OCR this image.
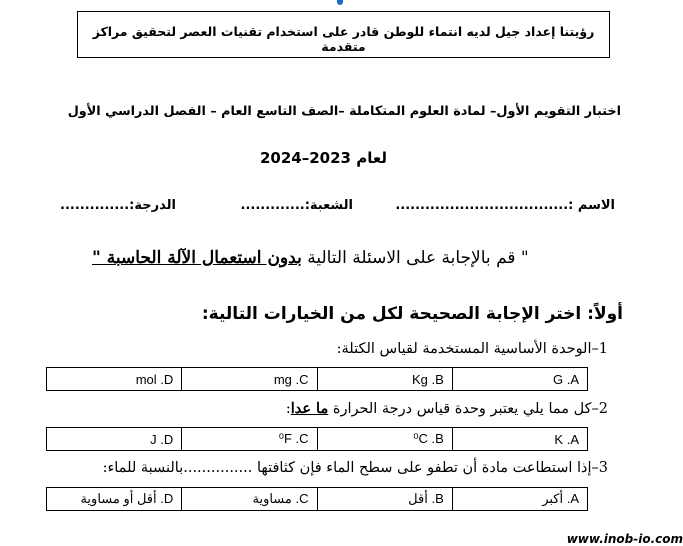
رؤيتنا إعداد جيل لديه انتماء للوطن قادر على استخدام تقنيات العصر لتحقيق مراكز متقدمة
اختبار التقويم الأول– لمادة العلوم المتكاملة –الصف التاسع العام – الفصل الدراسي الأول
لعام 2023–2024
الاسم :...................................
الشعبة:.............
الدرجة:..............
" قم بالإجابة على الاسئلة التالية بدون استعمال الآلة الحاسبة "
أولاً: اختر الإجابة الصحيحة لكل من الخيارات التالية:
1–الوحدة الأساسية المستخدمة لقياس الكتلة:
G .A	Kg .B	mg .C	mol .D
2–كل مما يلي يعتبر وحدة قياس درجة الحرارة ما عدا:
K .A	⁰C .B	⁰F .C	J .D
3–إذا استطاعت مادة أن تطفو على سطح الماء فإن كثافتها ...............بالنسبة للماء:
A. أكبر	B. أقل	C. مساوية	D. أقل أو مساوية
www.inob-io.com
